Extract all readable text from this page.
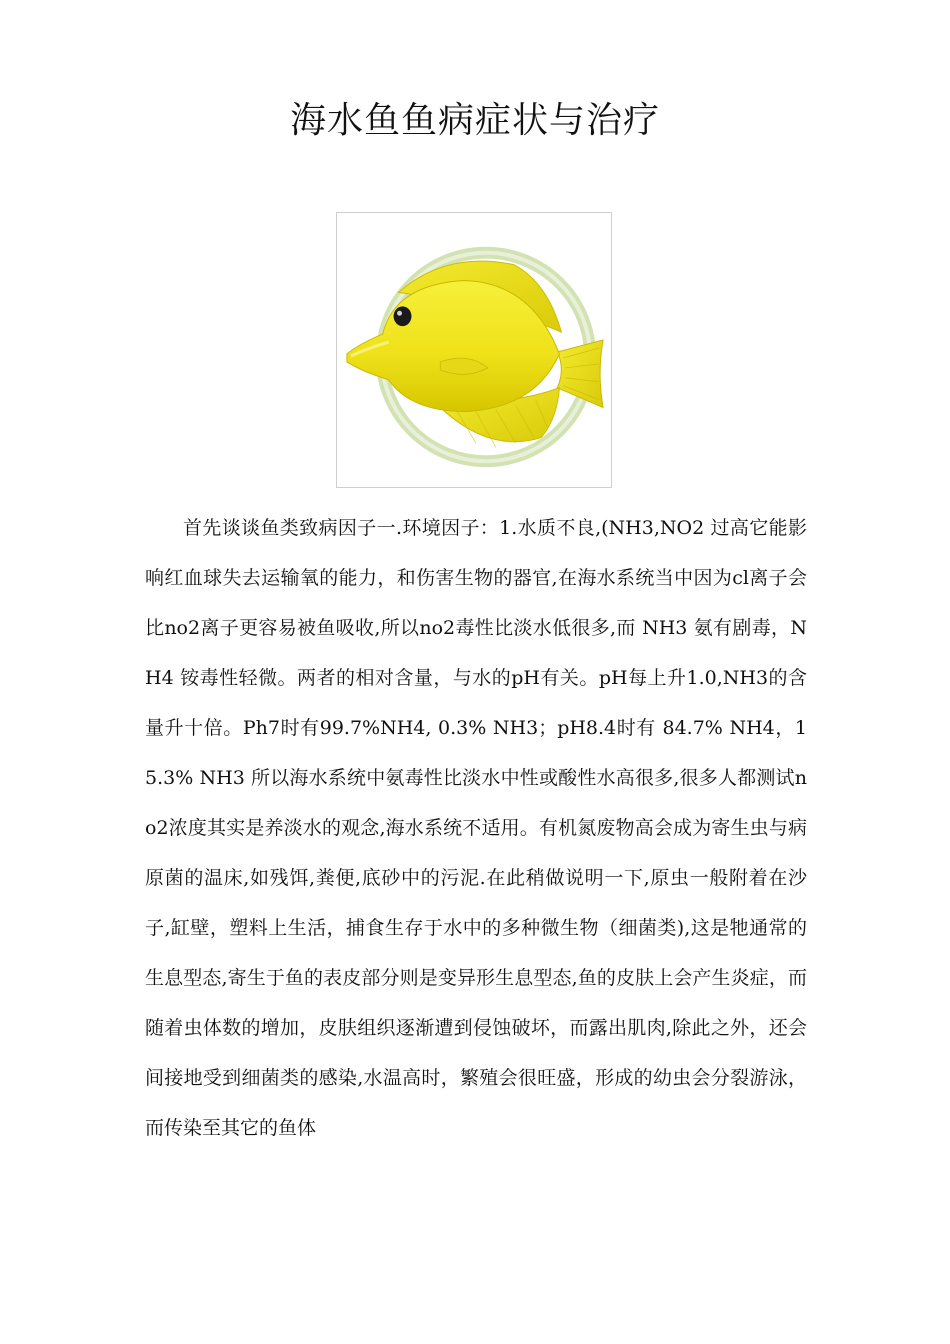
海水鱼鱼病症状与治疗

首先谈谈鱼类致病因子一.环境因子：1.水质不良,(NH3,NO2 过高它能影响红血球失去运输氧的能力，和伤害生物的器官,在海水系统当中因为cl离子会比no2离子更容易被鱼吸收,所以no2毒性比淡水低很多,而 NH3 氨有剧毒，NH4 铵毒性轻微。两者的相对含量，与水的pH有关。pH每上升1.0,NH3的含量升十倍。Ph7时有99.7%NH4, 0.3% NH3；pH8.4时有 84.7% NH4，15.3% NH3 所以海水系统中氨毒性比淡水中性或酸性水高很多,很多人都测试no2浓度其实是养淡水的观念,海水系统不适用。有机氮废物高会成为寄生虫与病原菌的温床,如残饵,粪便,底砂中的污泥.在此稍做说明一下,原虫一般附着在沙子,缸壁，塑料上生活，捕食生存于水中的多种微生物（细菌类),这是牠通常的生息型态,寄生于鱼的表皮部分则是变异形生息型态,鱼的皮肤上会产生炎症，而随着虫体数的增加，皮肤组织逐渐遭到侵蚀破坏，而露出肌肉,除此之外，还会间接地受到细菌类的感染,水温高时，繁殖会很旺盛，形成的幼虫会分裂游泳，而传染至其它的鱼体
